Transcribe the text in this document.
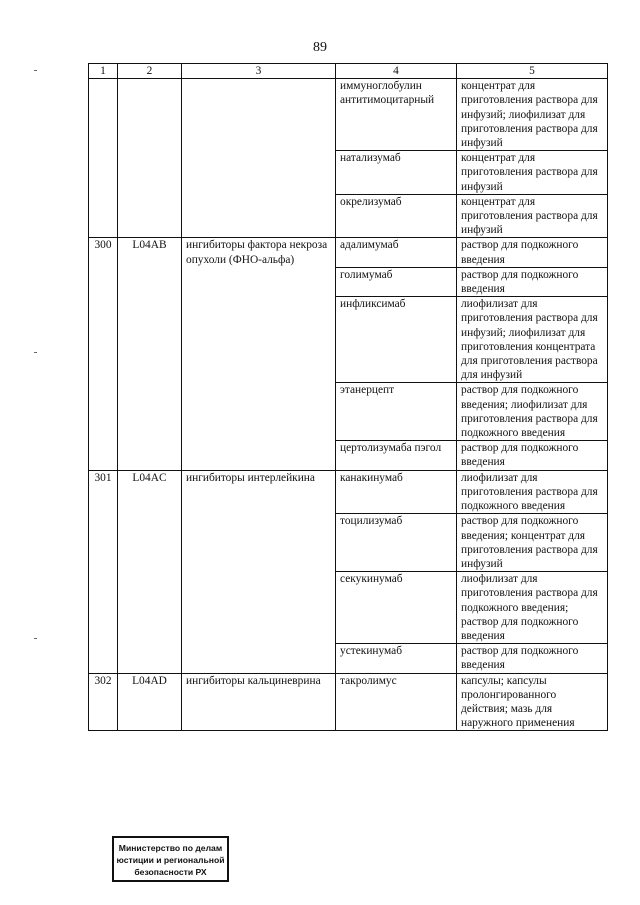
89
1	2	3	4	5
			иммуноглобулин антитимоцитарный	концентрат для приготовления раствора для инфузий; лиофилизат для приготовления раствора для инфузий
			натализумаб	концентрат для приготовления раствора для инфузий
			окрелизумаб	концентрат для приготовления раствора для инфузий
300	L04AB	ингибиторы фактора некроза опухоли (ФНО-альфа)	адалимумаб	раствор для подкожного введения
			голимумаб	раствор для подкожного введения
			инфликсимаб	лиофилизат для приготовления раствора для инфузий; лиофилизат для приготовления концентрата для приготовления раствора для инфузий
			этанерцепт	раствор для подкожного введения; лиофилизат для приготовления раствора для подкожного введения
			цертолизумаба пэгол	раствор для подкожного введения
301	L04AC	ингибиторы интерлейкина	канакинумаб	лиофилизат для приготовления раствора для подкожного введения
			тоцилизумаб	раствор для подкожного введения; концентрат для приготовления раствора для инфузий
			секукинумаб	лиофилизат для приготовления раствора для подкожного введения; раствор для подкожного введения
			устекинумаб	раствор для подкожного введения
302	L04AD	ингибиторы кальциневрина	такролимус	капсулы; капсулы пролонгированного действия; мазь для наружного применения
Министерство по делам
юстиции и региональной
безопасности РХ
